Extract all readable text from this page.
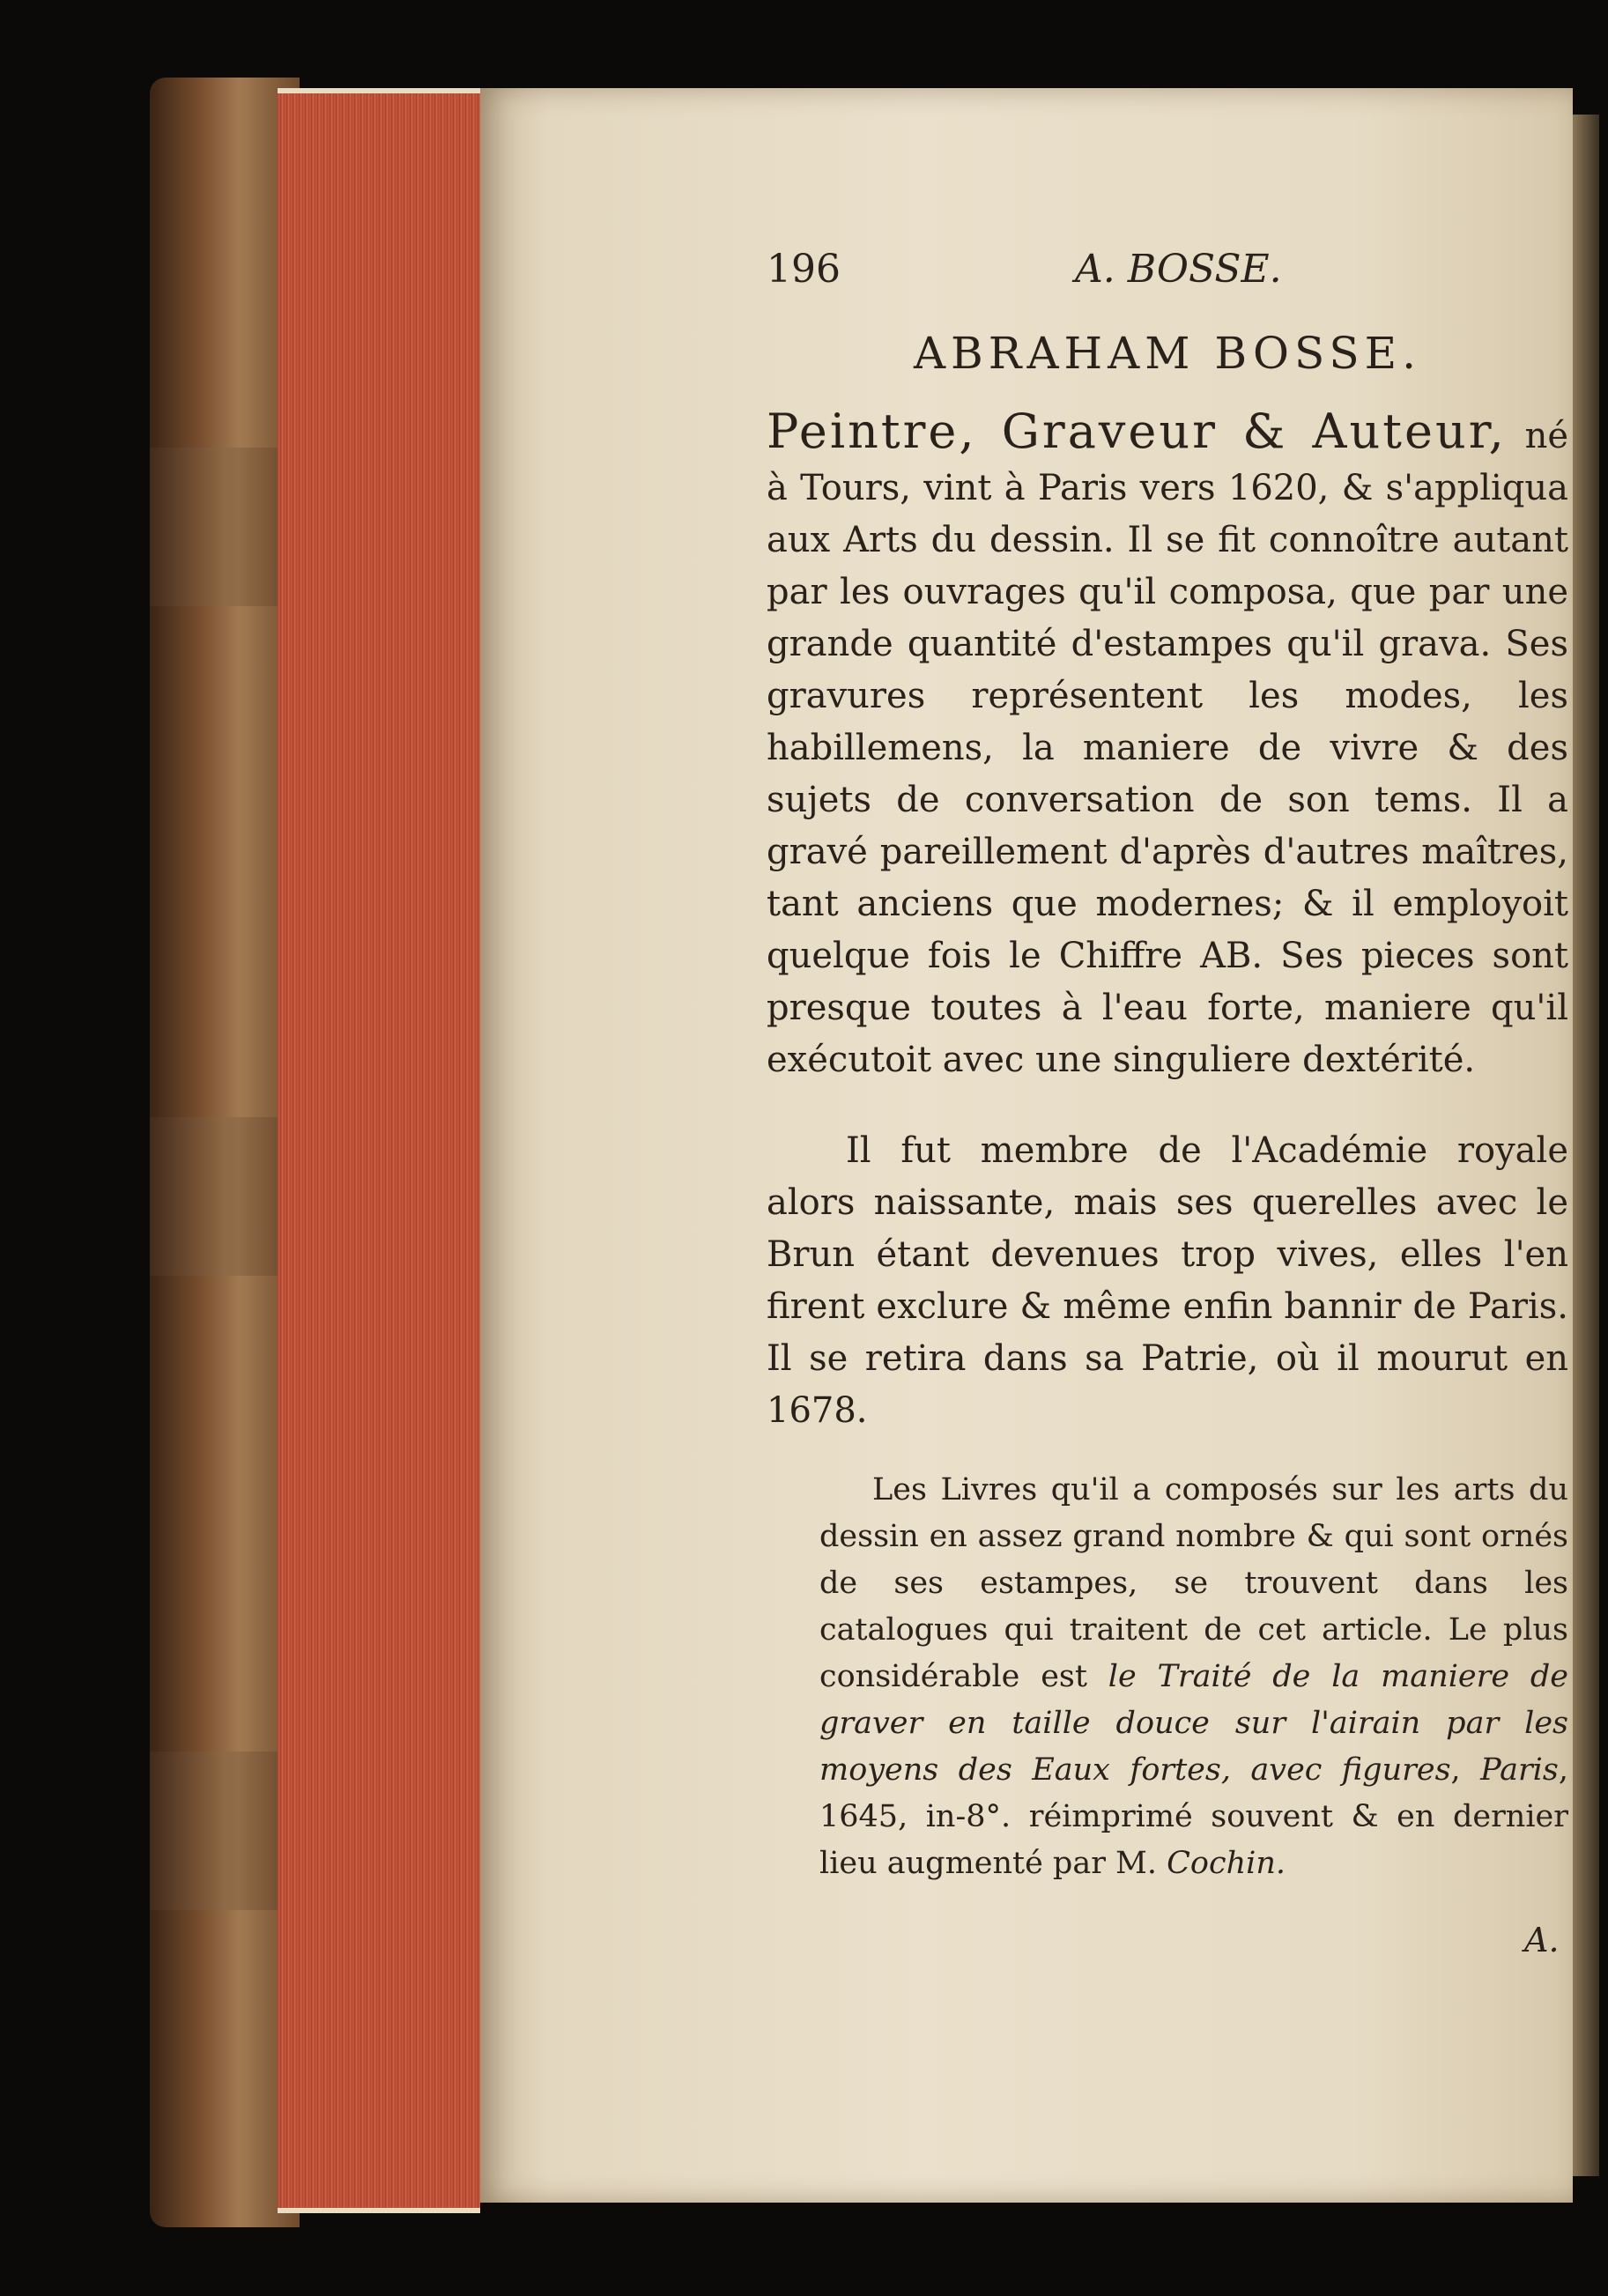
196	A. BOSSE.
ABRAHAM BOSSE.
Peintre, Graveur & Auteur, né à Tours, vint à Paris vers 1620, & s'appliqua aux Arts du dessin. Il se fit connoître autant par les ouvrages qu'il composa, que par une grande quantité d'estampes qu'il grava. Ses gravures représentent les modes, les habillemens, la maniere de vivre & des sujets de conversation de son tems. Il a gravé pareillement d'après d'autres maîtres, tant anciens que modernes; & il employoit quelque fois le Chiffre AB. Ses pieces sont presque toutes à l'eau forte, maniere qu'il exécutoit avec une singuliere dextérité.
Il fut membre de l'Académie royale alors naissante, mais ses querelles avec le Brun étant devenues trop vives, elles l'en firent exclure & même enfin bannir de Paris. Il se retira dans sa Patrie, où il mourut en 1678.
Les Livres qu'il a composés sur les arts du dessin en assez grand nombre & qui sont ornés de ses estampes, se trouvent dans les catalogues qui traitent de cet article. Le plus considérable est le Traité de la maniere de graver en taille douce sur l'airain par les moyens des Eaux fortes, avec figures, Paris, 1645, in-8°. réimprimé souvent & en dernier lieu augmenté par M. Cochin.
A.
